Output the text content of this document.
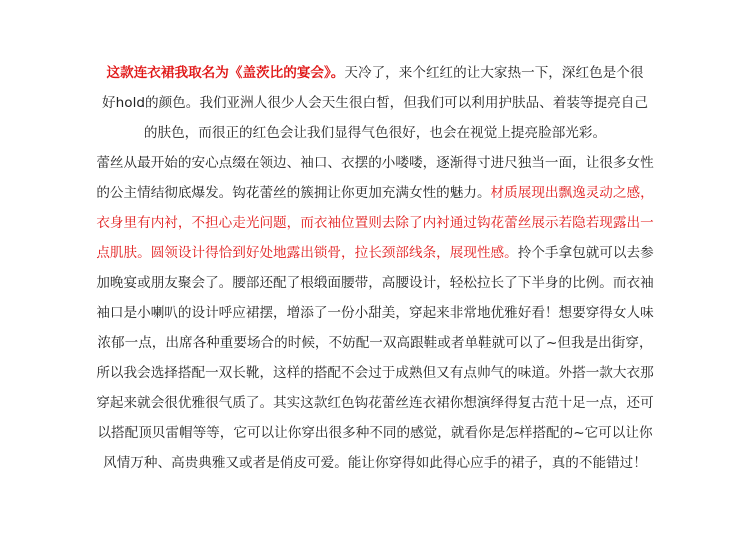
这款连衣裙我取名为《盖茨比的宴会》。天冷了，来个红红的让大家热一下，深红色是个很
好hold的颜色。我们亚洲人很少人会天生很白皙，但我们可以利用护肤品、着装等提亮自己
的肤色，而很正的红色会让我们显得气色很好，也会在视觉上提亮脸部光彩。
蕾丝从最开始的安心点缀在领边、袖口、衣摆的小喽喽，逐渐得寸进尺独当一面，让很多女性
的公主情结彻底爆发。钩花蕾丝的簇拥让你更加充满女性的魅力。材质展现出飘逸灵动之感，
衣身里有内衬，不担心走光问题，而衣袖位置则去除了内衬通过钩花蕾丝展示若隐若现露出一
点肌肤。圆领设计得恰到好处地露出锁骨，拉长颈部线条，展现性感。拎个手拿包就可以去参
加晚宴或朋友聚会了。腰部还配了根缎面腰带，高腰设计，轻松拉长了下半身的比例。而衣袖
袖口是小喇叭的设计呼应裙摆，增添了一份小甜美，穿起来非常地优雅好看！想要穿得女人味
浓郁一点，出席各种重要场合的时候，不妨配一双高跟鞋或者单鞋就可以了~但我是出街穿，
所以我会选择搭配一双长靴，这样的搭配不会过于成熟但又有点帅气的味道。外搭一款大衣那
穿起来就会很优雅很气质了。其实这款红色钩花蕾丝连衣裙你想演绎得复古范十足一点，还可
以搭配顶贝雷帽等等，它可以让你穿出很多种不同的感觉，就看你是怎样搭配的~它可以让你
风情万种、高贵典雅又或者是俏皮可爱。能让你穿得如此得心应手的裙子，真的不能错过！
